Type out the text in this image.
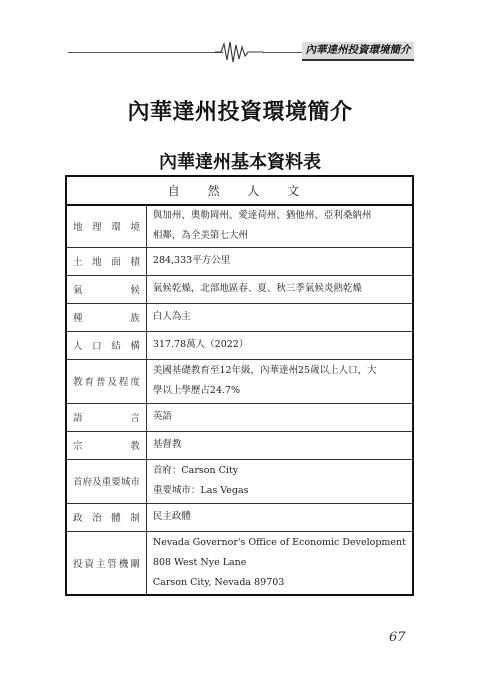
內華達州投資環境簡介
內華達州投資環境簡介
內華達州基本資料表
自 然 人 文	
地理環境	與加州、奧勒岡州、愛達荷州、猶他州、亞利桑納州
相鄰，為全美第七大州

土地面積	284,333平方公里

氣候	氣候乾燥，北部地區春、夏、秋三季氣候炎熱乾燥

種族	白人為主

人口結構	317.78萬人（2022）

教育普及程度	美國基礎教育至12年級，內華達州25歲以上人口，大
學以上學歷占24.7%

語言	英語

宗教	基督教

首府及重要城市	首府：Carson City
重要城市：Las Vegas

政治體制	民主政體

投資主管機關	Nevada Governor's Office of Economic Development
808 West Nye Lane
Carson City, Nevada 89703
67
